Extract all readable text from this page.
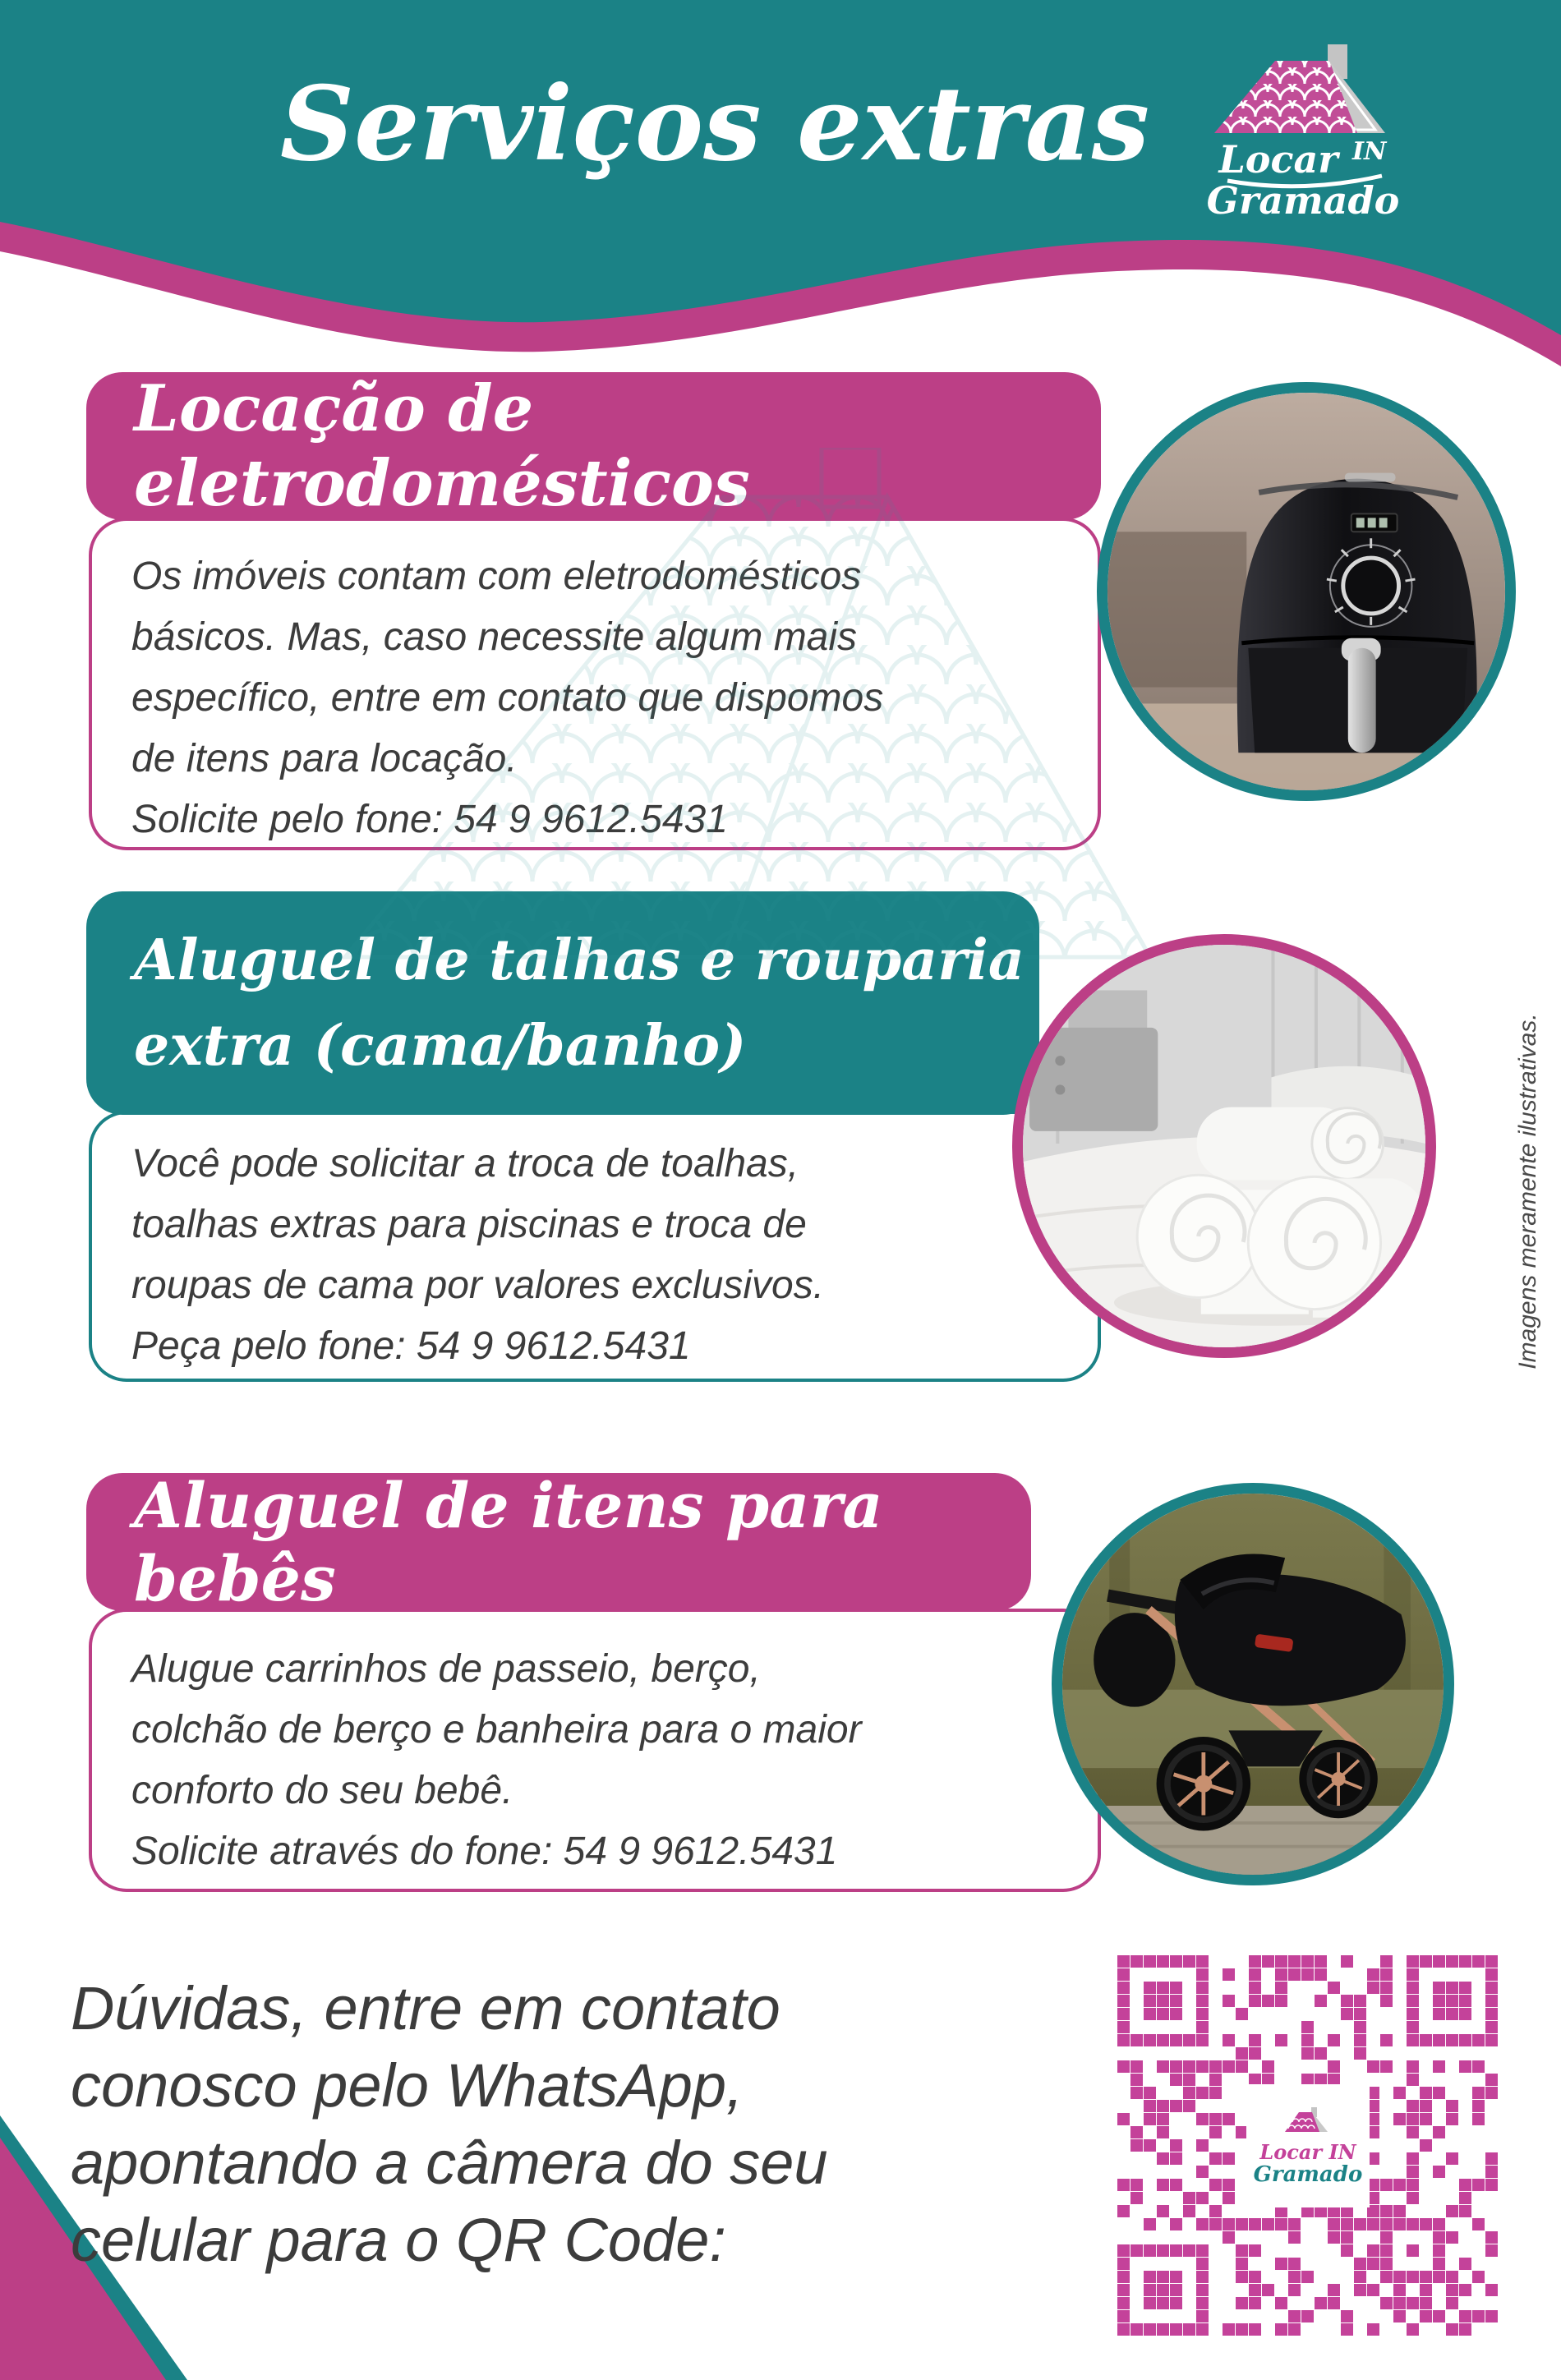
Serviços extras	Locar IN
Gramado
Locação de eletrodomésticos
Os imóveis contam com eletrodomésticos
básicos. Mas, caso necessite algum mais
específico, entre em contato que dispomos
de itens para locação.
Solicite pelo fone: 54 9 9612.5431
Aluguel de talhas e rouparia
extra (cama/banho)
Você pode solicitar a troca de toalhas,
toalhas extras para piscinas e troca de
roupas de cama por valores exclusivos.
Peça pelo fone: 54 9 9612.5431
Aluguel de itens para bebês
Alugue carrinhos de passeio, berço,
colchão de berço e banheira para o maior
conforto do seu bebê.
Solicite através do fone: 54 9 9612.5431
Dúvidas, entre em contato
conosco pelo WhatsApp,
apontando a câmera do seu
celular para o QR Code:
Locar IN
Gramado
Imagens meramente ilustrativas.
